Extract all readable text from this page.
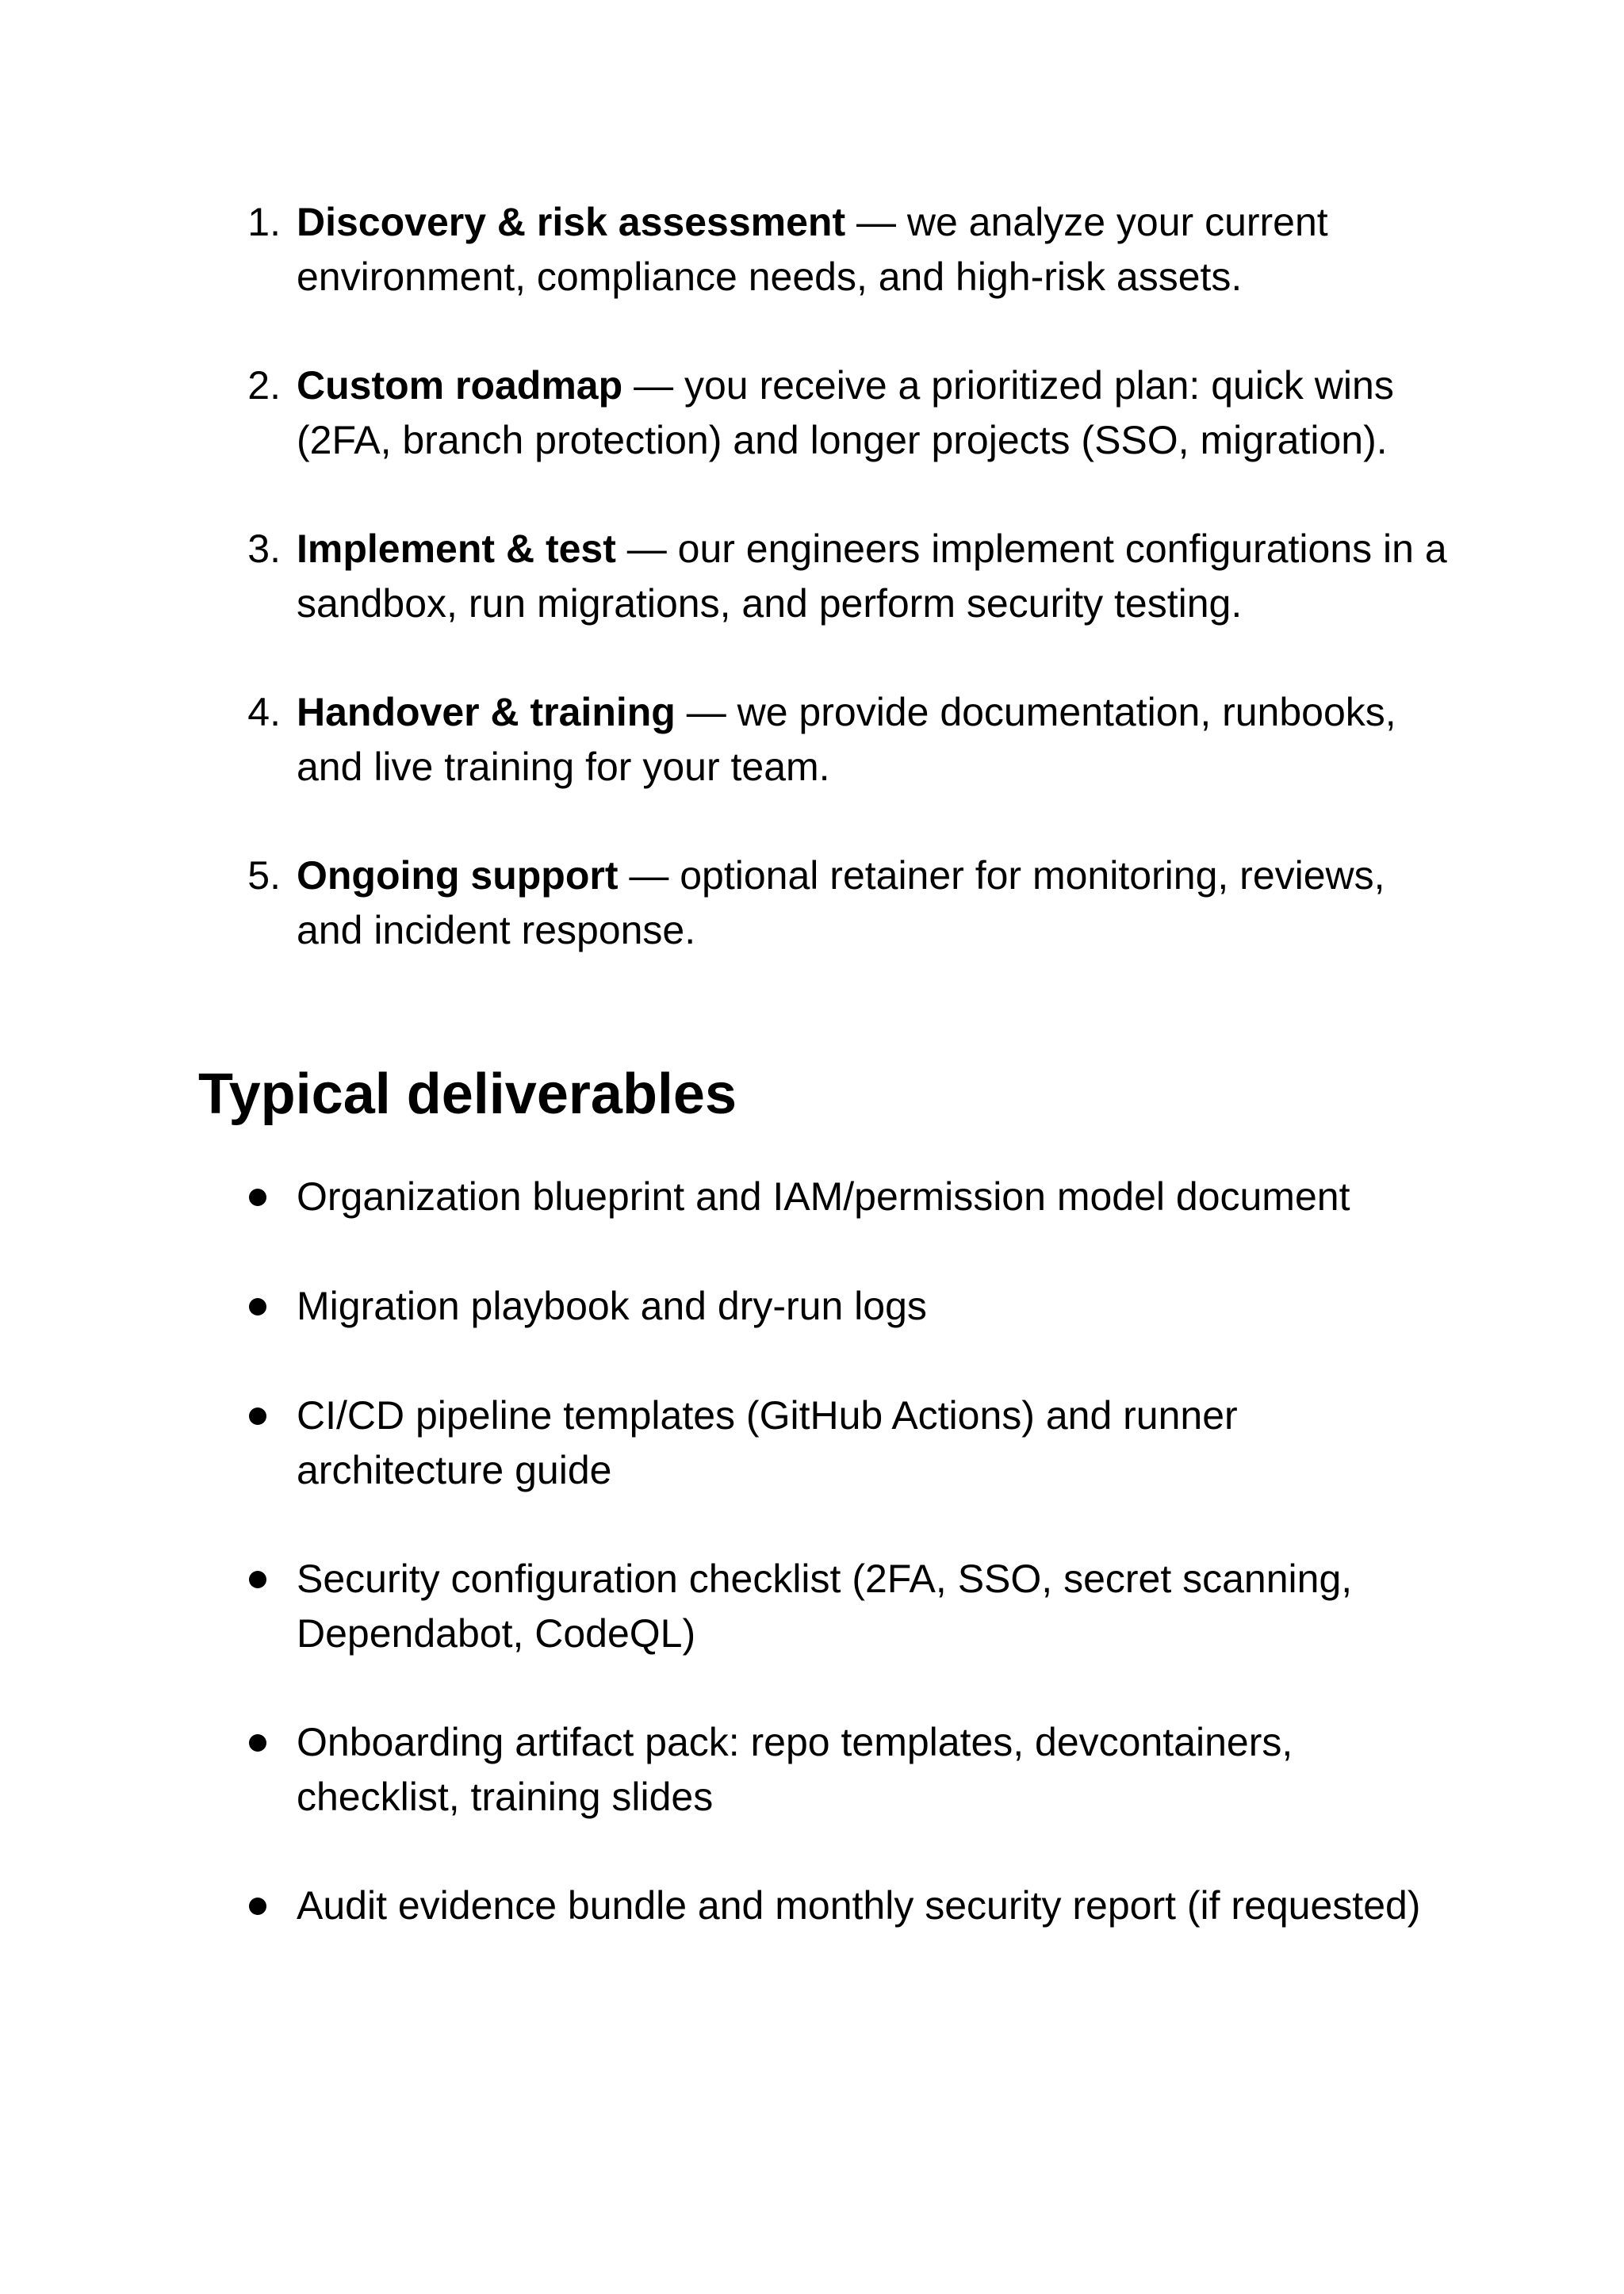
1. Discovery & risk assessment — we analyze your current environment, compliance needs, and high‑risk assets.
2. Custom roadmap — you receive a prioritized plan: quick wins (2FA, branch protection) and longer projects (SSO, migration).
3. Implement & test — our engineers implement configurations in a sandbox, run migrations, and perform security testing.
4. Handover & training — we provide documentation, runbooks, and live training for your team.
5. Ongoing support — optional retainer for monitoring, reviews, and incident response.
Typical deliverables
Organization blueprint and IAM/permission model document
Migration playbook and dry‑run logs
CI/CD pipeline templates (GitHub Actions) and runner architecture guide
Security configuration checklist (2FA, SSO, secret scanning, Dependabot, CodeQL)
Onboarding artifact pack: repo templates, devcontainers, checklist, training slides
Audit evidence bundle and monthly security report (if requested)
